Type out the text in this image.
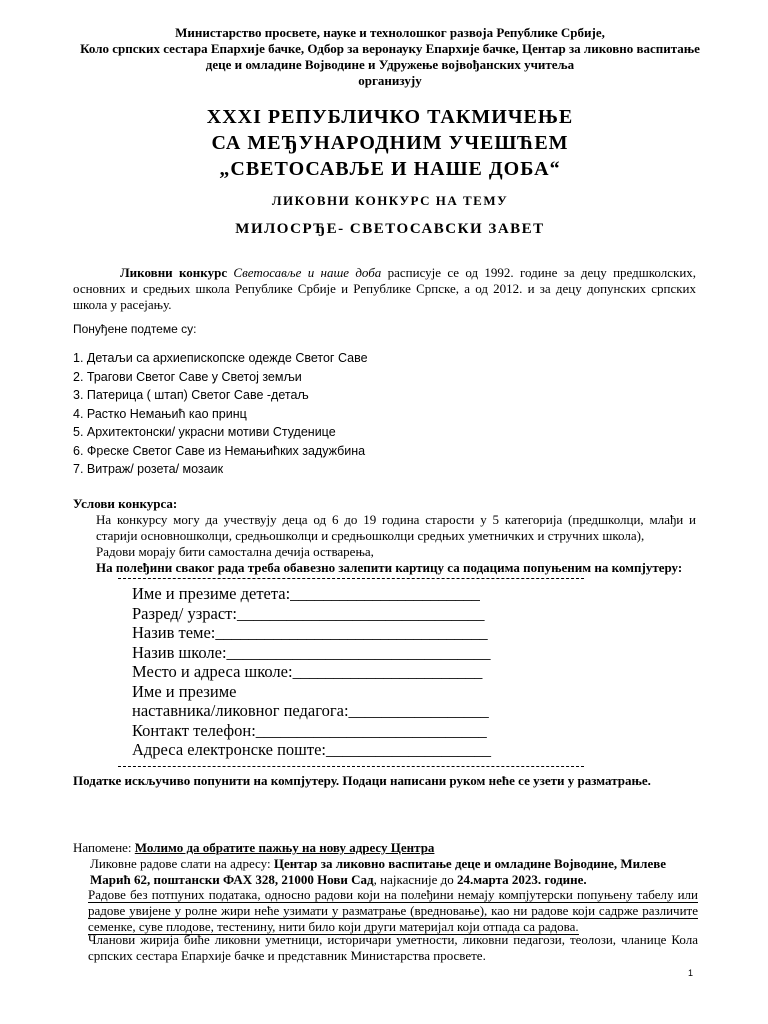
Министарство просвете, науке и технолошког развоја Републике Србије,
Коло српских сестара Епархије бачке, Одбор за веронауку Епархије бачке, Центар за ликовно васпитање
деце и омладине Војводине и Удружење војвођанских учитеља
организују
XXXI РЕПУБЛИЧКО ТАКМИЧЕЊЕ
СА МЕЂУНАРОДНИМ УЧЕШЋЕМ
„СВЕТОСАВЉЕ И НАШЕ ДОБА“
ЛИКОВНИ КОНКУРС НА ТЕМУ
МИЛОСРЂЕ- СВЕТОСАВСКИ ЗАВЕТ
Ликовни конкурс Светосавље и наше доба расписује се од 1992. године за децу предшколских, основних и средњих школа Републике Србије и Републике Српске, а од 2012. и за децу допунских српских школа у расејању.
Понуђене подтеме су:
1. Детаљи са архиепископске одежде Светог Саве
2. Трагови Светог Саве у Светој земљи
3. Патерица ( штап) Светог Саве -детаљ
4. Растко Немањић као принц
5. Архитектонски/ украсни мотиви Студенице
6. Фреске Светог Саве из Немањићких задужбина
7. Витраж/ розета/ мозаик
Услови конкурса:
На конкурсу могу да учествују деца од 6 до 19 година старости у 5 категорија (предшколци, млађи и старији основношколци, средњошколци и средњошколци средњих уметничких и стручних школа),
Радови морају бити самостална дечија остварења,
На полеђини сваког рада треба обавезно залепити картицу са подацима попуњеним на компјутеру:
Име и презиме детета:_______________________
Разред/ узраст:______________________________
Назив теме:_________________________________
Назив школе:________________________________
Место и адреса школе:_______________________
Име и презиме
наставника/ликовног педагога:_________________
Контакт телефон:____________________________
Адреса електронске поште:____________________
Податке искључиво попунити на компјутеру. Подаци написани руком неће се узети у разматрање.
Напомене: Молимо да обратите пажњу на нову адресу Центра
Ликовне радове слати на адресу: Центар за ликовно васпитање деце и омладине Војводине, Милеве Марић 62, поштански ФАХ 328, 21000 Нови Сад, најкасније до 24.марта 2023. године.
Радове без потпуних података, односно радови који на полеђини немају компјутерски попуњену табелу или радове увијене у ролне жири неће узимати у разматрање (вредновање), као ни радове који садрже различите семенке, суве плодове, тестенину, нити било који други материјал који отпада са радова.
Чланови жирија биће ликовни уметници, историчари уметности, ликовни педагози, теолози, чланице Кола српских сестара Епархије бачке и представник Министарства просвете.
1
